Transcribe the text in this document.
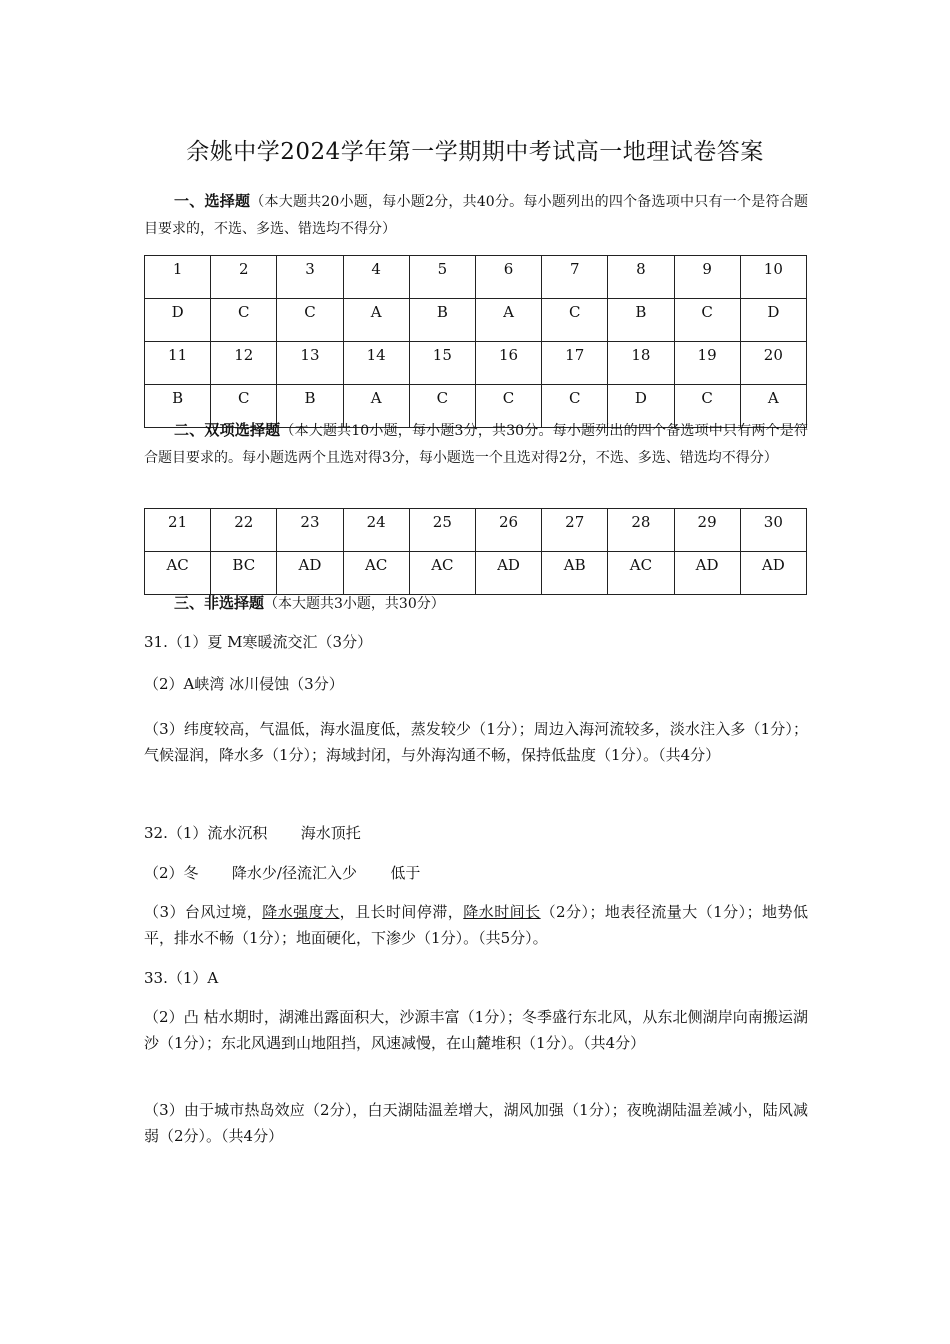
余姚中学2024学年第一学期期中考试高一地理试卷答案
一、选择题（本大题共20小题，每小题2分，共40分。每小题列出的四个备选项中只有一个是符合题目要求的，不选、多选、错选均不得分）
1	2	3	4	5	6	7	8	9	10
D	C	C	A	B	A	C	B	C	D
11	12	13	14	15	16	17	18	19	20
B	C	B	A	C	C	C	D	C	A
二、双项选择题（本大题共10小题，每小题3分，共30分。每小题列出的四个备选项中只有两个是符合题目要求的。每小题选两个且选对得3分，每小题选一个且选对得2分，不选、多选、错选均不得分）
21	22	23	24	25	26	27	28	29	30
AC	BC	AD	AC	AC	AD	AB	AC	AD	AD
三、非选择题（本大题共3小题，共30分）
31.（1）夏 M寒暖流交汇（3分）
（2）A峡湾 冰川侵蚀（3分）
（3）纬度较高，气温低，海水温度低，蒸发较少（1分）；周边入海河流较多，淡水注入多（1分）；气候湿润，降水多（1分）；海域封闭，与外海沟通不畅，保持低盐度（1分）。（共4分）
32.（1）流水沉积       海水顶托
（2）冬       降水少/径流汇入少       低于
（3）台风过境，降水强度大，且长时间停滞，降水时间长（2分）；地表径流量大（1分）；地势低平，排水不畅（1分）；地面硬化，下渗少（1分）。（共5分）。
33.（1）A
（2）凸 枯水期时，湖滩出露面积大，沙源丰富（1分）；冬季盛行东北风，从东北侧湖岸向南搬运湖沙（1分）；东北风遇到山地阻挡，风速减慢，在山麓堆积（1分）。（共4分）
（3）由于城市热岛效应（2分），白天湖陆温差增大，湖风加强（1分）；夜晚湖陆温差减小，陆风减弱（2分）。（共4分）
